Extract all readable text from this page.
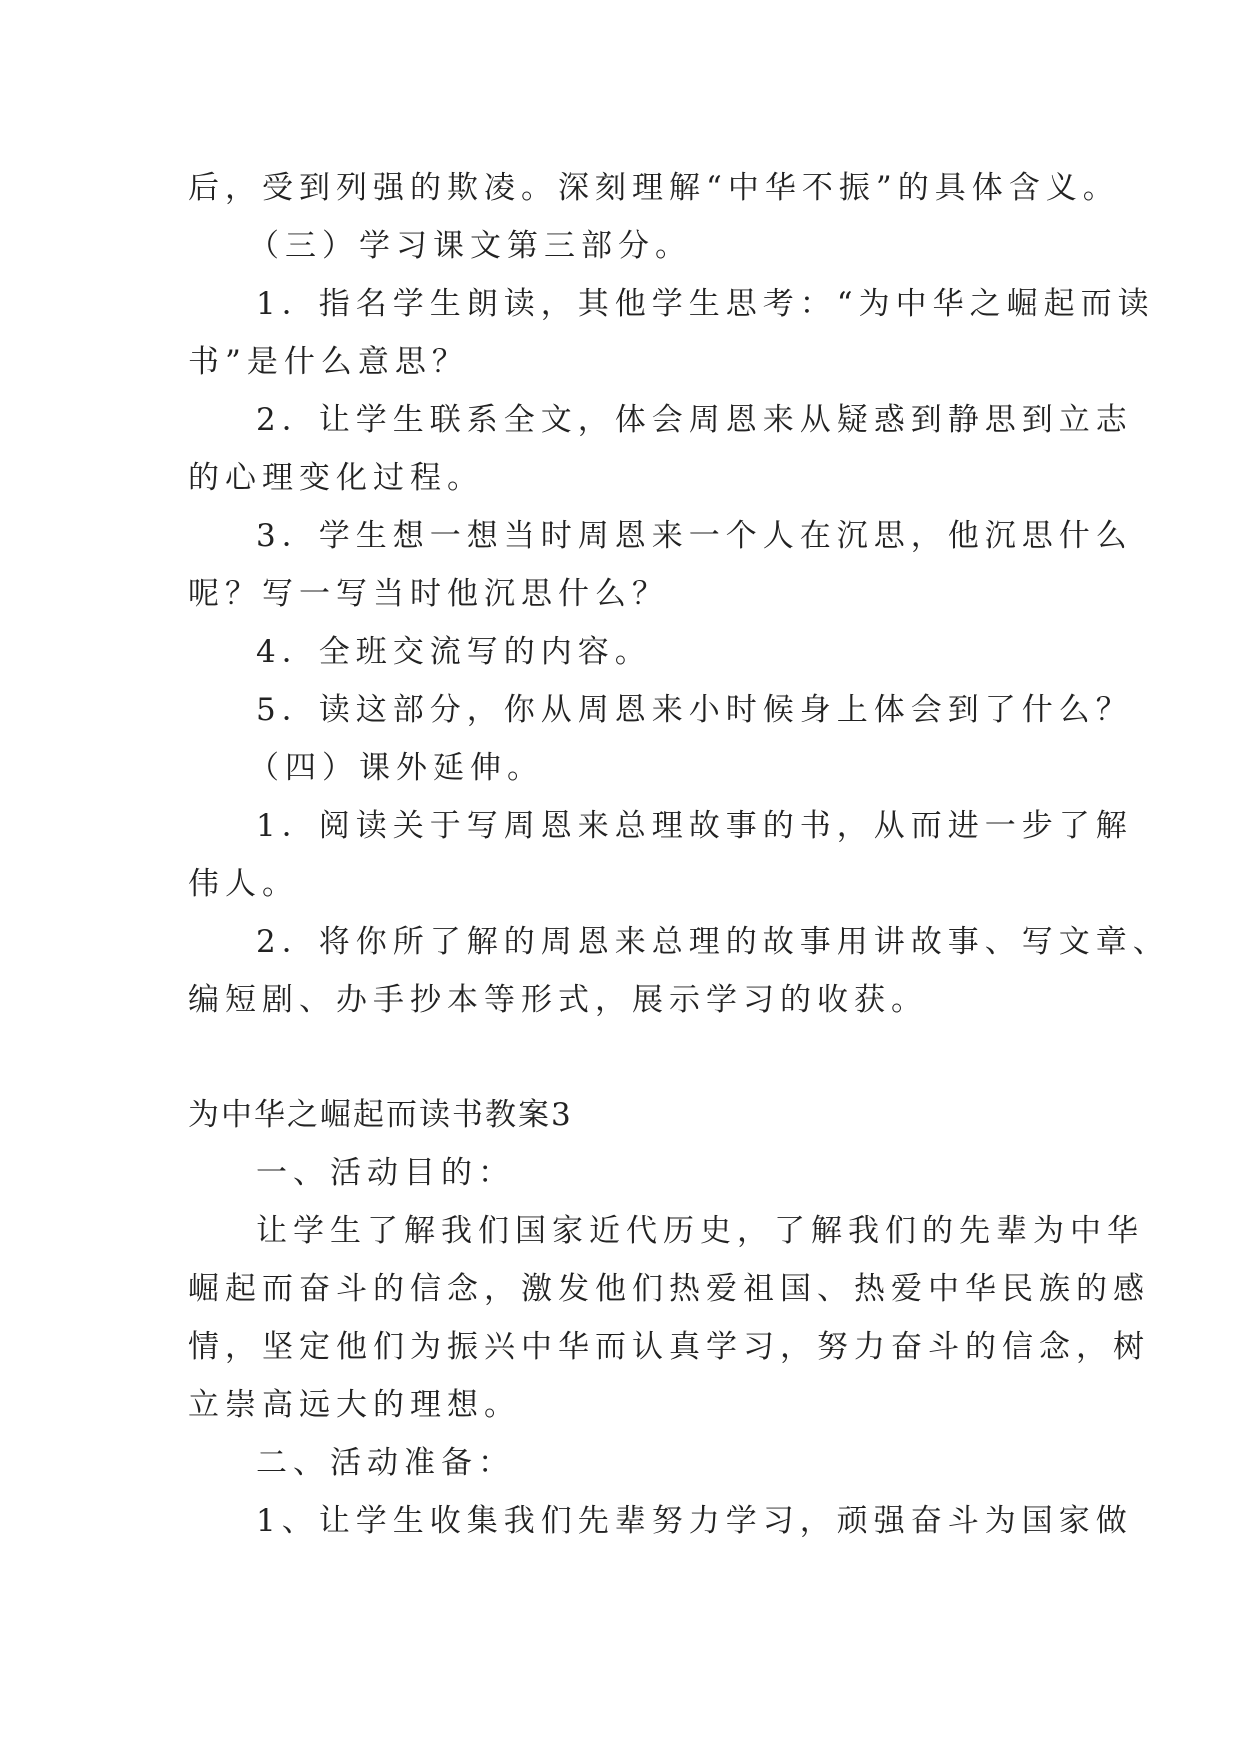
后，受到列强的欺凌。深刻理解“中华不振”的具体含义。
（三）学习课文第三部分。
1．指名学生朗读，其他学生思考：“为中华之崛起而读
书”是什么意思？
2．让学生联系全文，体会周恩来从疑惑到静思到立志
的心理变化过程。
3．学生想一想当时周恩来一个人在沉思，他沉思什么
呢？写一写当时他沉思什么？
4．全班交流写的内容。
5．读这部分，你从周恩来小时候身上体会到了什么？
（四）课外延伸。
1．阅读关于写周恩来总理故事的书，从而进一步了解
伟人。
2．将你所了解的周恩来总理的故事用讲故事、写文章、
编短剧、办手抄本等形式，展示学习的收获。
为中华之崛起而读书教案3
一、活动目的：
让学生了解我们国家近代历史，了解我们的先辈为中华
崛起而奋斗的信念，激发他们热爱祖国、热爱中华民族的感
情，坚定他们为振兴中华而认真学习，努力奋斗的信念，树
立崇高远大的理想。
二、活动准备：
1、让学生收集我们先辈努力学习，顽强奋斗为国家做
